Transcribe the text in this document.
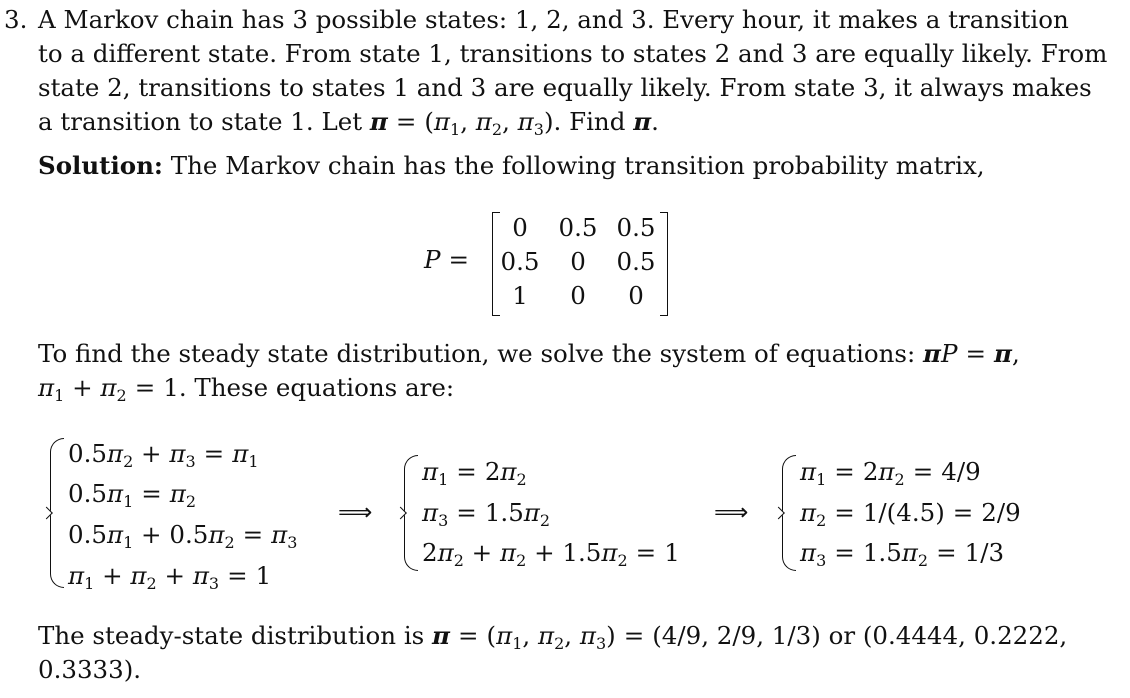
3. A Markov chain has 3 possible states: 1, 2, and 3. Every hour, it makes a transition
to a different state. From state 1, transitions to states 2 and 3 are equally likely. From
state 2, transitions to states 1 and 3 are equally likely. From state 3, it always makes
a transition to state 1. Let $\pi = (\pi_1$, $\pi_2$, $\pi_3$). Find π.
Solution: The Markov chain has the following transition probability matrix,
P =
0	0.5 0.5
0.5	0	0.5
1	0	0
To find the steady state distribution, we solve the system of equations: πP = π,
$\pi_1 + \pi_2 = 1$. These equations are:
$0.5\pi_2 + \pi_3 = \pi_1$
$0.5\pi_1 = \pi_2$
$0.5\pi_1 + 0.5\pi_2 = \pi_3$
$\pi_1 + \pi_2 + \pi_3 = 1$
⟹
$\pi_1 = 2\pi_2$
$\pi_3 = 1.5\pi_2$
$2\pi_2 + \pi_2 + 1.5\pi_2 = 1$
⟹
$\pi_1 = 2\pi_2 = 4/9$
$\pi_2 = 1/(4.5) = 2/9$
$\pi_3 = 1.5\pi_2 = 1/3$
The steady-state distribution is $\pi = (\pi_1$, $\pi_2$, $\pi_3) = (4/9$, 2/9, 1/3) or (0.4444, 0.2222,
0.3333).
